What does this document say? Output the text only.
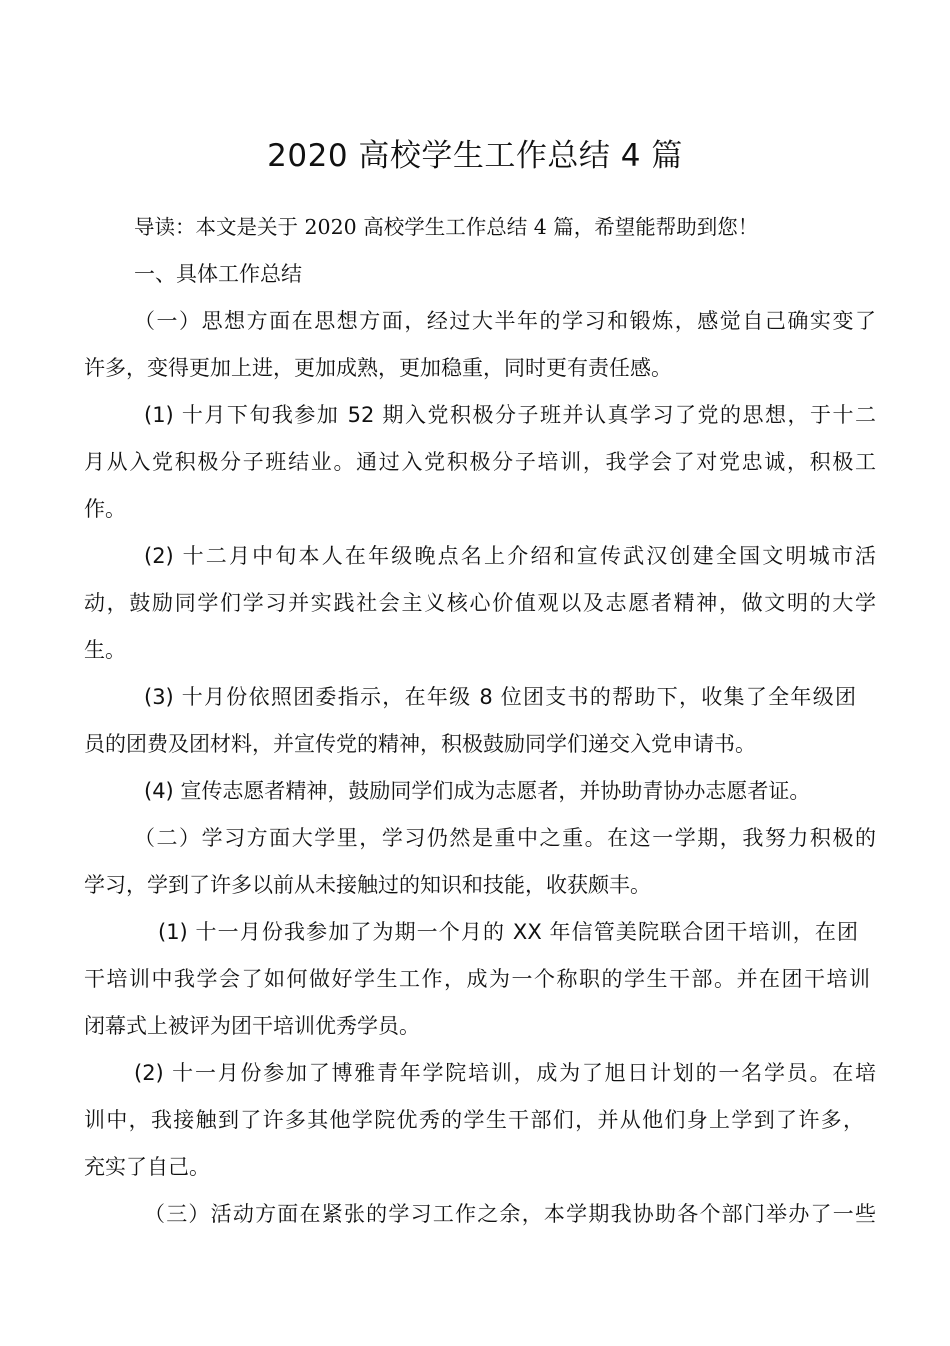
2020 高校学生工作总结 4 篇
导读：本文是关于 2020 高校学生工作总结 4 篇，希望能帮助到您！
一、具体工作总结
（一）思想方面在思想方面，经过大半年的学习和锻炼，感觉自己确实变了
许多，变得更加上进，更加成熟，更加稳重，同时更有责任感。
(1) 十月下旬我参加 52 期入党积极分子班并认真学习了党的思想，于十二
月从入党积极分子班结业。通过入党积极分子培训，我学会了对党忠诚，积极工
作。
(2) 十二月中旬本人在年级晚点名上介绍和宣传武汉创建全国文明城市活
动，鼓励同学们学习并实践社会主义核心价值观以及志愿者精神，做文明的大学
生。
(3) 十月份依照团委指示，在年级 8 位团支书的帮助下，收集了全年级团
员的团费及团材料，并宣传党的精神，积极鼓励同学们递交入党申请书。
(4) 宣传志愿者精神，鼓励同学们成为志愿者，并协助青协办志愿者证。
（二）学习方面大学里，学习仍然是重中之重。在这一学期，我努力积极的
学习，学到了许多以前从未接触过的知识和技能，收获颇丰。
(1) 十一月份我参加了为期一个月的 XX 年信管美院联合团干培训，在团
干培训中我学会了如何做好学生工作，成为一个称职的学生干部。并在团干培训
闭幕式上被评为团干培训优秀学员。
(2) 十一月份参加了博雅青年学院培训，成为了旭日计划的一名学员。在培
训中，我接触到了许多其他学院优秀的学生干部们，并从他们身上学到了许多，
充实了自己。
（三）活动方面在紧张的学习工作之余，本学期我协助各个部门举办了一些
